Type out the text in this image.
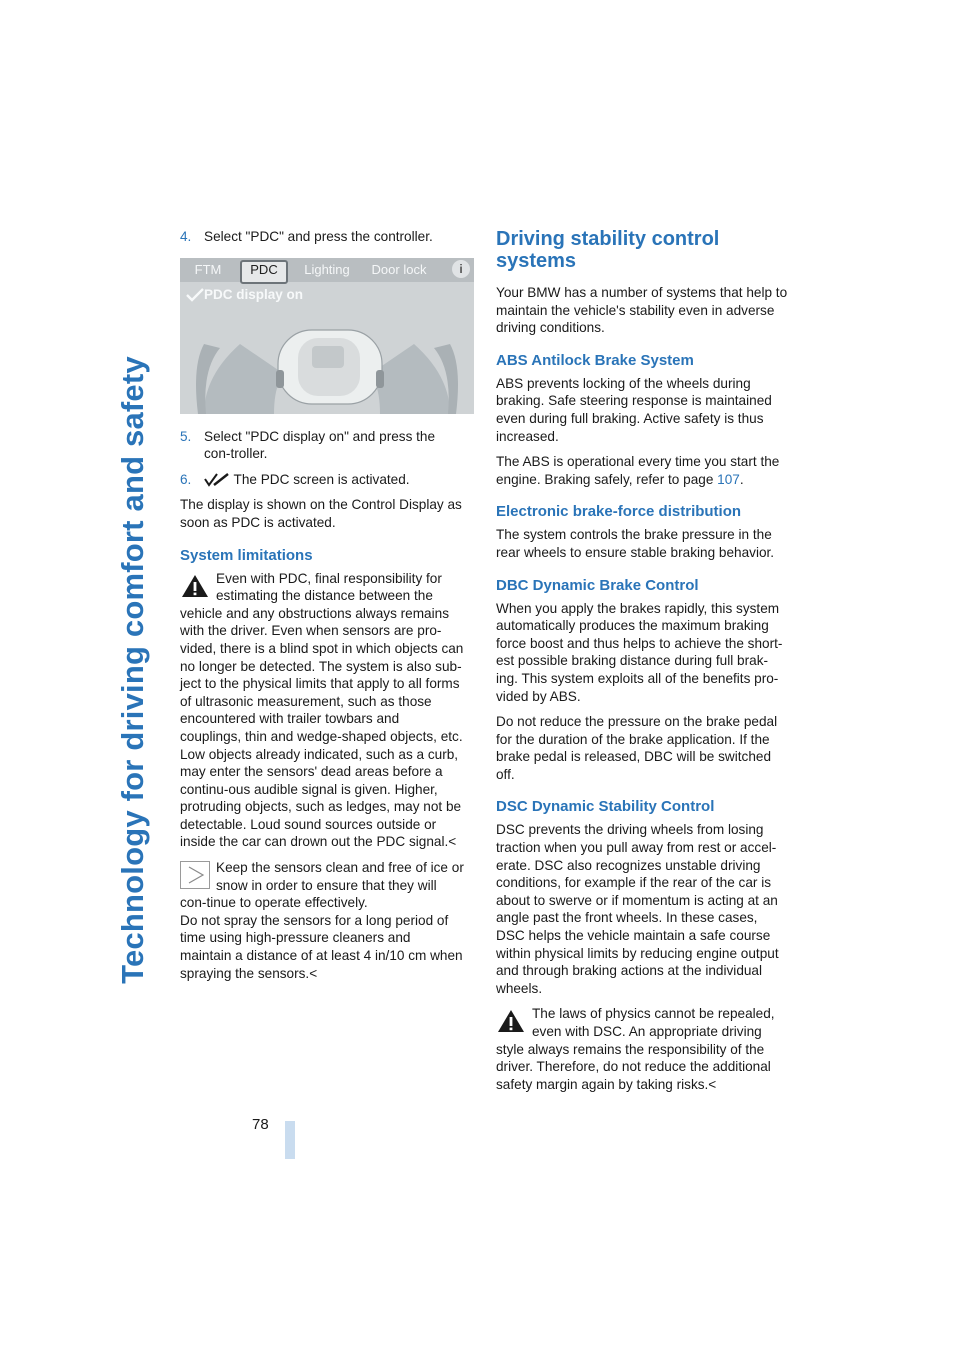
Technology for driving comfort and safety
4. Select "PDC" and press the controller.
FTM	PDC	Lighting	Door lock	i
PDC display on
5. Select "PDC display on" and press the con-troller.
6.	The PDC screen is activated.

The display is shown on the Control Display as soon as PDC is activated.

System limitations
Even with PDC, final responsibility for estimating the distance between the vehicle and any obstructions always remains with the driver. Even when sensors are pro-vided, there is a blind spot in which objects can no longer be detected. The system is also sub-ject to the physical limits that apply to all forms of ultrasonic measurement, such as those encountered with trailer towbars and couplings, thin and wedge-shaped objects, etc. Low objects already indicated, such as a curb, may enter the sensors' dead areas before a continu-ous audible signal is given. Higher, protruding objects, such as ledges, may not be detectable. Loud sound sources outside or inside the car can drown out the PDC signal.<
Keep the sensors clean and free of ice or snow in order to ensure that they will con-tinue to operate effectively.
Do not spray the sensors for a long period of time using high-pressure cleaners and maintain a distance of at least 4 in/10 cm when spraying the sensors.<
Driving stability control systems

Your BMW has a number of systems that help to maintain the vehicle's stability even in adverse driving conditions.

ABS Antilock Brake System

ABS prevents locking of the wheels during braking. Safe steering response is maintained even during full braking. Active safety is thus increased.

The ABS is operational every time you start the engine. Braking safely, refer to page 107.

Electronic brake-force distribution

The system controls the brake pressure in the rear wheels to ensure stable braking behavior.

DBC Dynamic Brake Control

When you apply the brakes rapidly, this system automatically produces the maximum braking force boost and thus helps to achieve the short-est possible braking distance during full brak-ing. This system exploits all of the benefits pro-vided by ABS.

Do not reduce the pressure on the brake pedal for the duration of the brake application. If the brake pedal is released, DBC will be switched off.

DSC Dynamic Stability Control

DSC prevents the driving wheels from losing traction when you pull away from rest or accel-erate. DSC also recognizes unstable driving conditions, for example if the rear of the car is about to swerve or if momentum is acting at an angle past the front wheels. In these cases, DSC helps the vehicle maintain a safe course within physical limits by reducing engine output and through braking actions at the individual wheels.

The laws of physics cannot be repealed, even with DSC. An appropriate driving style always remains the responsibility of the driver. Therefore, do not reduce the additional safety margin again by taking risks.<
78
